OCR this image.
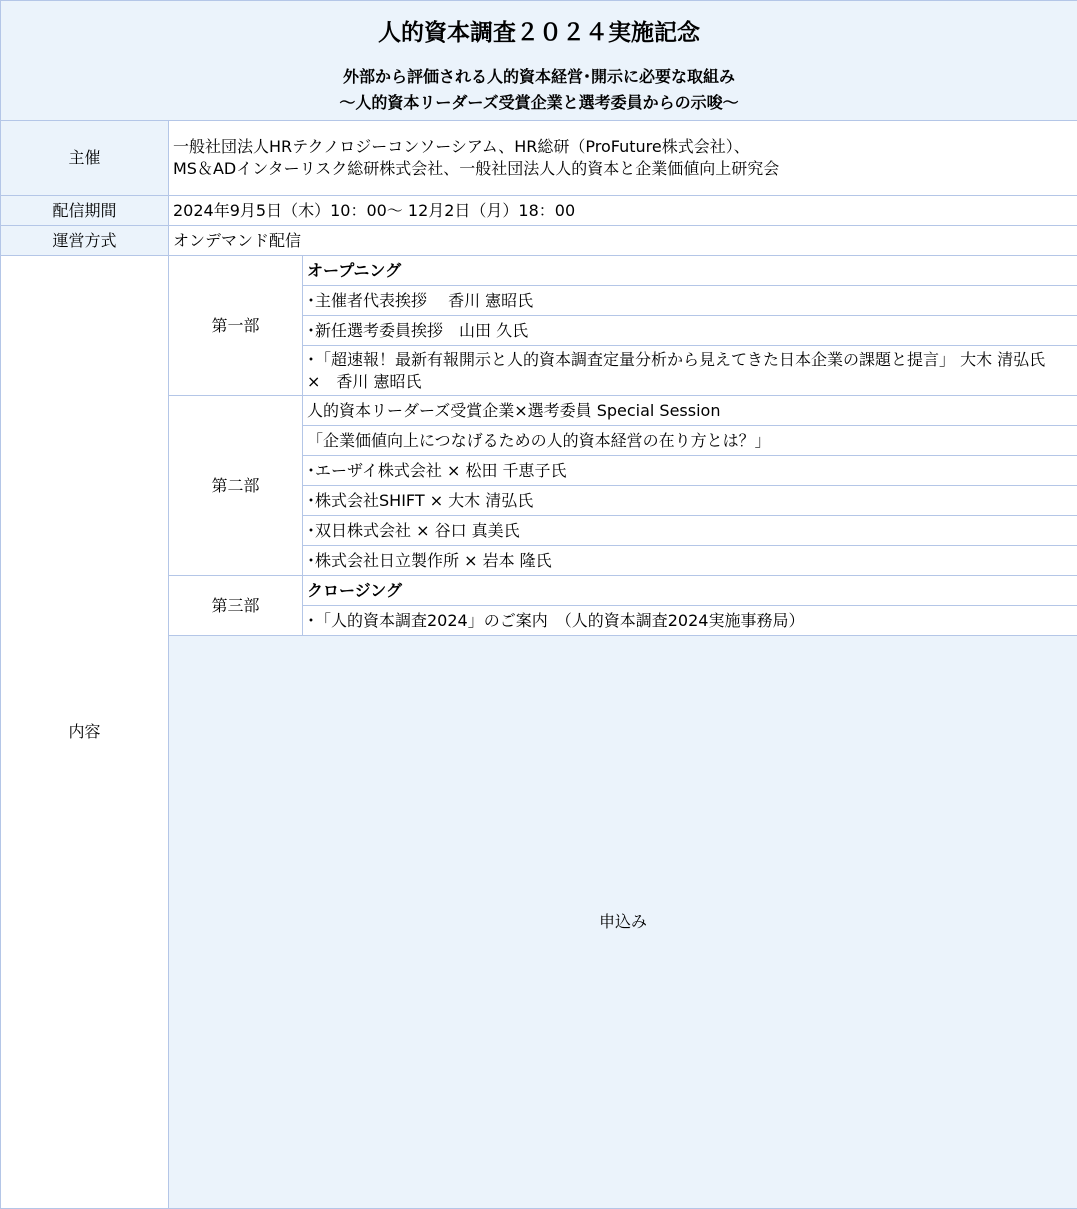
人的資本調査２０２４実施記念
外部から評価される人的資本経営･開示に必要な取組み
～人的資本リーダーズ受賞企業と選考委員からの示唆～			

主催	一般社団法人HRテクノロジーコンソーシアム、HR総研（ProFuture株式会社）、
MS＆ADインターリスク総研株式会社、一般社団法人人的資本と企業価値向上研究会		

配信期間	2024年9月5日（木）10：00～ 12月2日（月）18：00		
運営方式	オンデマンド配信		
内容	第一部	オープニング	
		･主催者代表挨拶　 香川 憲昭氏	
		･新任選考委員挨拶　山田 久氏	
		･「超速報！最新有報開示と人的資本調査定量分析から見えてきた日本企業の課題と提言」 大木 清弘氏　×　香川 憲昭氏	
	第二部	人的資本リーダーズ受賞企業×選考委員 Special Session	
		「企業価値向上につなげるための人的資本経営の在り方とは？」	
		･エーザイ株式会社 × 松田 千恵子氏	
		･株式会社SHIFT × 大木 清弘氏	
		･双日株式会社 × 谷口 真美氏	
		･株式会社日立製作所 × 岩本 隆氏	
	第三部	クロージング	
		･「人的資本調査2024」のご案内　（人的資本調査2024実施事務局）	
	申込み	
